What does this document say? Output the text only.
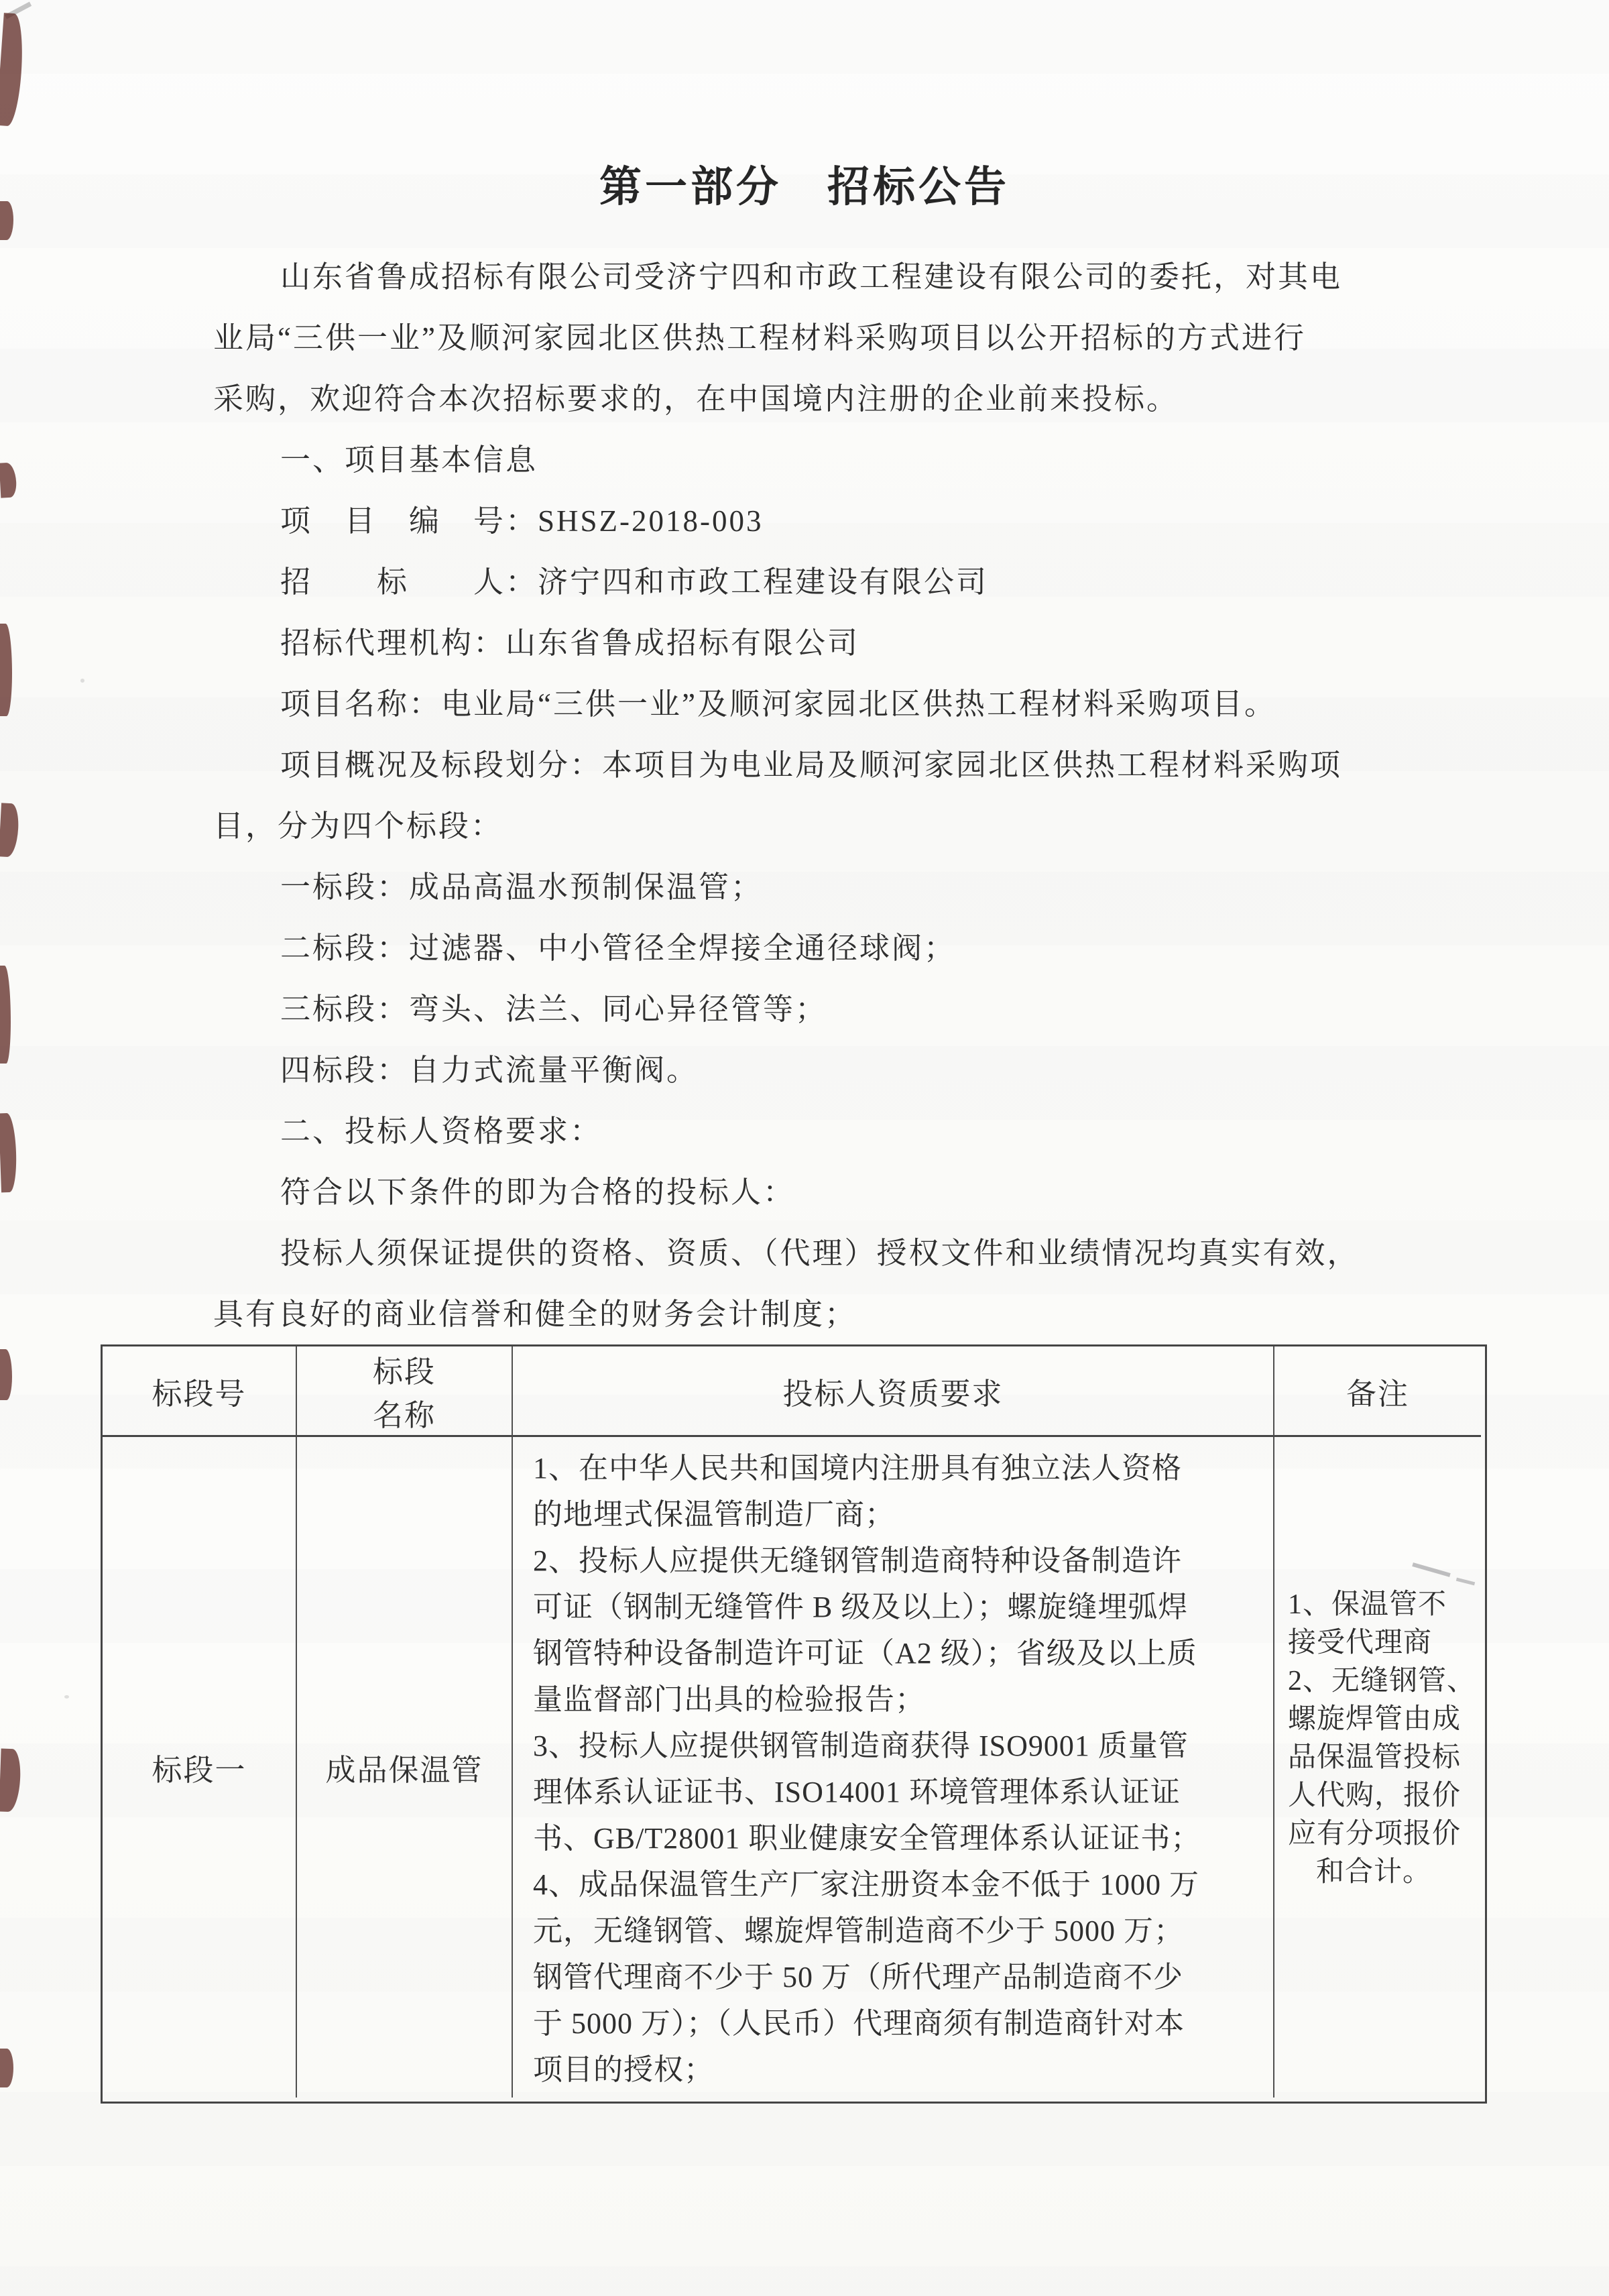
第一部分　招标公告
山东省鲁成招标有限公司受济宁四和市政工程建设有限公司的委托，对其电
业局“三供一业”及顺河家园北区供热工程材料采购项目以公开招标的方式进行
采购，欢迎符合本次招标要求的，在中国境内注册的企业前来投标。
一、项目基本信息
项　目　编　号：SHSZ-2018-003
招　　标　　人：济宁四和市政工程建设有限公司
招标代理机构：山东省鲁成招标有限公司
项目名称：电业局“三供一业”及顺河家园北区供热工程材料采购项目。
项目概况及标段划分：本项目为电业局及顺河家园北区供热工程材料采购项
目，分为四个标段：
一标段：成品高温水预制保温管；
二标段：过滤器、中小管径全焊接全通径球阀；
三标段：弯头、法兰、同心异径管等；
四标段：自力式流量平衡阀。
二、投标人资格要求：
符合以下条件的即为合格的投标人：
投标人须保证提供的资格、资质、（代理）授权文件和业绩情况均真实有效，
具有良好的商业信誉和健全的财务会计制度；
标段号
标段
名称
投标人资质要求	备注
标段一	成品保温管
1、在中华人民共和国境内注册具有独立法人资格
的地埋式保温管制造厂商；
2、投标人应提供无缝钢管制造商特种设备制造许
可证（钢制无缝管件 B 级及以上）；螺旋缝埋弧焊
钢管特种设备制造许可证（A2 级）；省级及以上质
量监督部门出具的检验报告；
3、投标人应提供钢管制造商获得 ISO9001 质量管
理体系认证证书、ISO14001 环境管理体系认证证
书、GB/T28001 职业健康安全管理体系认证证书；
4、成品保温管生产厂家注册资本金不低于 1000 万
元，无缝钢管、螺旋焊管制造商不少于 5000 万；
钢管代理商不少于 50 万（所代理产品制造商不少
于 5000 万）；（人民币）代理商须有制造商针对本
项目的授权；
1、保温管不
接受代理商
2、无缝钢管、
螺旋焊管由成
品保温管投标
人代购，报价
应有分项报价
和合计。
